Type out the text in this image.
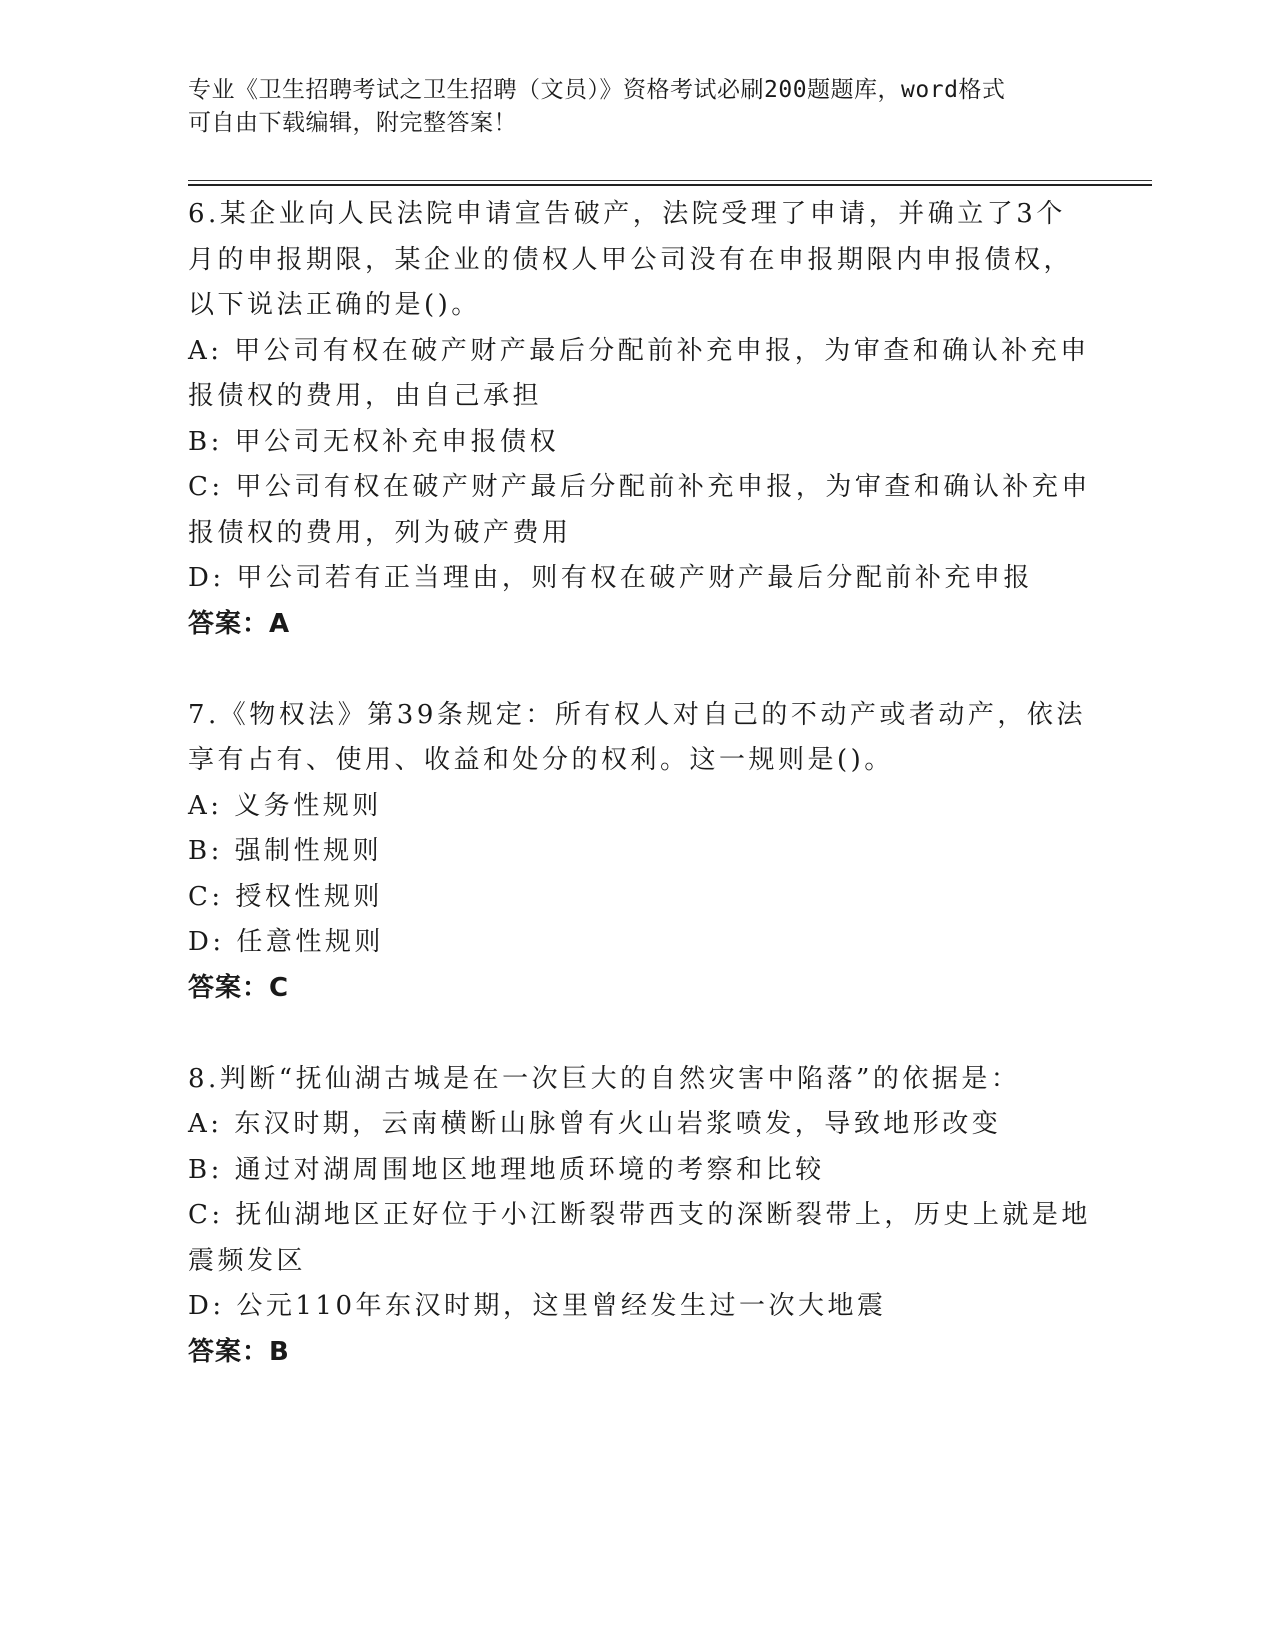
专业《卫生招聘考试之卫生招聘（文员）》资格考试必刷200题题库，word格式
可自由下载编辑，附完整答案！
6.某企业向人民法院申请宣告破产，法院受理了申请，并确立了3个
月的申报期限，某企业的债权人甲公司没有在申报期限内申报债权，
以下说法正确的是()。
A: 甲公司有权在破产财产最后分配前补充申报，为审查和确认补充申
报债权的费用，由自己承担
B: 甲公司无权补充申报债权
C: 甲公司有权在破产财产最后分配前补充申报，为审查和确认补充申
报债权的费用，列为破产费用
D: 甲公司若有正当理由，则有权在破产财产最后分配前补充申报
答案：A
7.《物权法》第39条规定：所有权人对自己的不动产或者动产，依法
享有占有、使用、收益和处分的权利。这一规则是()。
A: 义务性规则
B: 强制性规则
C: 授权性规则
D: 任意性规则
答案：C
8.判断“抚仙湖古城是在一次巨大的自然灾害中陷落”的依据是：
A: 东汉时期，云南横断山脉曾有火山岩浆喷发，导致地形改变
B: 通过对湖周围地区地理地质环境的考察和比较
C: 抚仙湖地区正好位于小江断裂带西支的深断裂带上，历史上就是地
震频发区
D: 公元110年东汉时期，这里曾经发生过一次大地震
答案：B
